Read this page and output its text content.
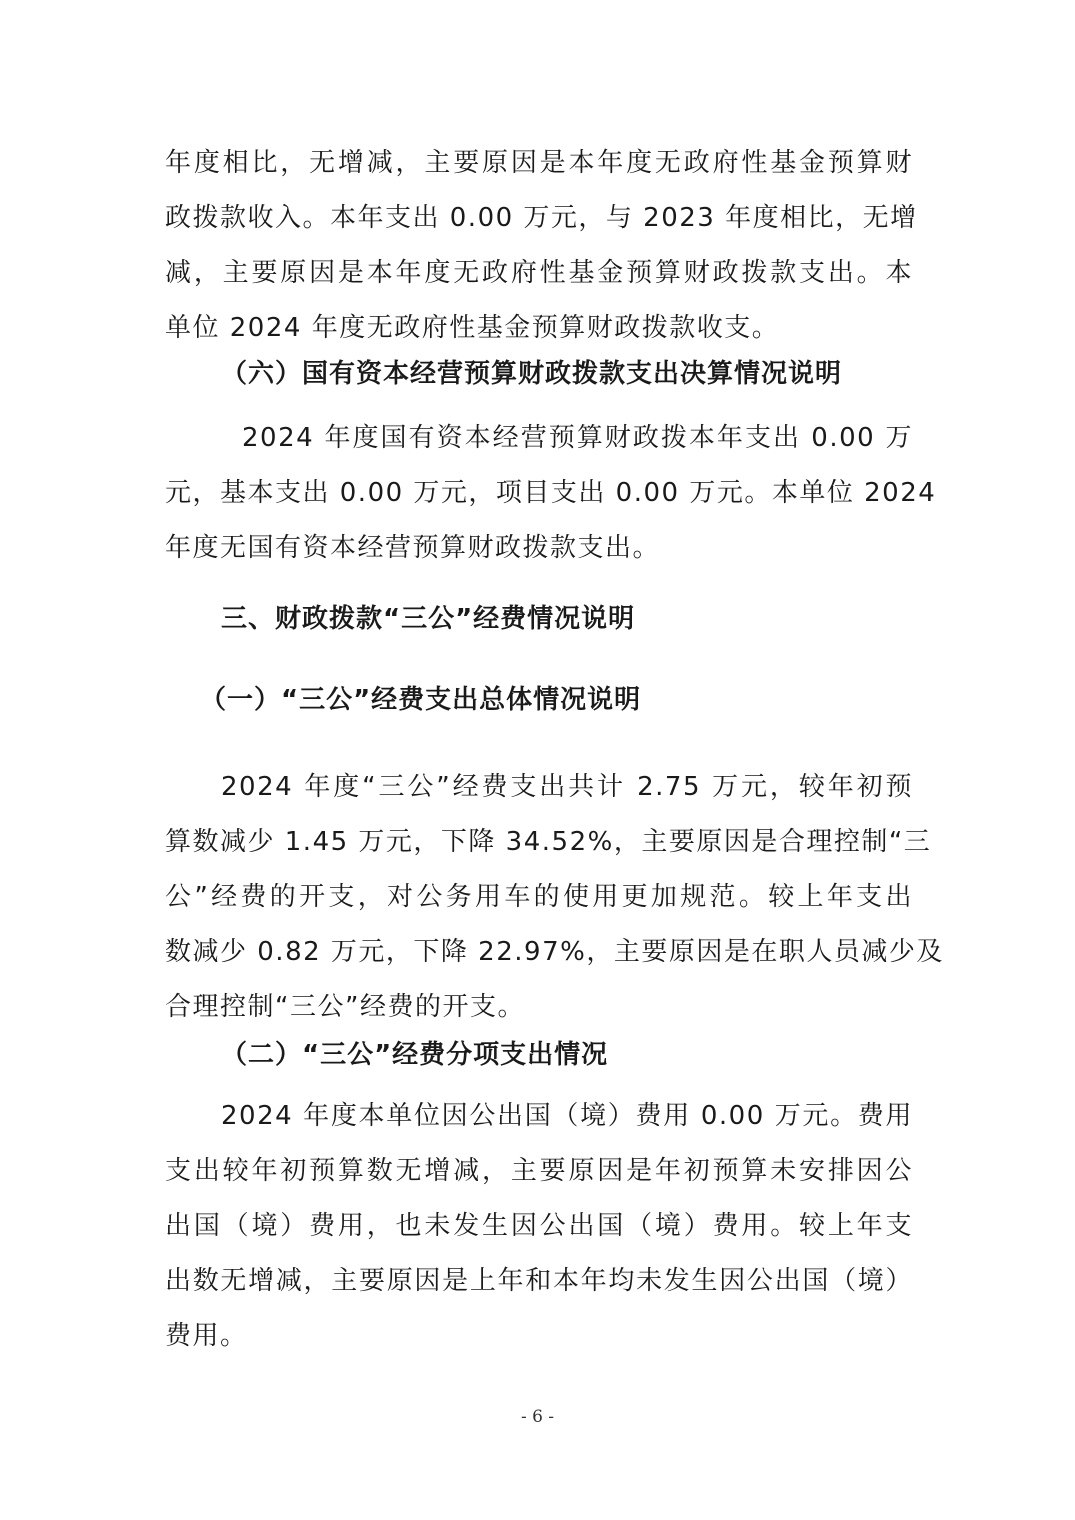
年度相比，无增减，主要原因是本年度无政府性基金预算财
政拨款收入。本年支出 0.00 万元，与 2023 年度相比，无增
减，主要原因是本年度无政府性基金预算财政拨款支出。本
单位 2024 年度无政府性基金预算财政拨款收支。
（六）国有资本经营预算财政拨款支出决算情况说明
2024 年度国有资本经营预算财政拨本年支出 0.00 万
元，基本支出 0.00 万元，项目支出 0.00 万元。本单位 2024
年度无国有资本经营预算财政拨款支出。
三、财政拨款“三公”经费情况说明
（一）“三公”经费支出总体情况说明
2024 年度“三公”经费支出共计 2.75 万元，较年初预
算数减少 1.45 万元，下降 34.52%，主要原因是合理控制“三
公”经费的开支，对公务用车的使用更加规范。较上年支出
数减少 0.82 万元，下降 22.97%，主要原因是在职人员减少及
合理控制“三公”经费的开支。
（二）“三公”经费分项支出情况
2024 年度本单位因公出国（境）费用 0.00 万元。费用
支出较年初预算数无增减，主要原因是年初预算未安排因公
出国（境）费用，也未发生因公出国（境）费用。较上年支
出数无增减，主要原因是上年和本年均未发生因公出国（境）
费用。
- 6 -
